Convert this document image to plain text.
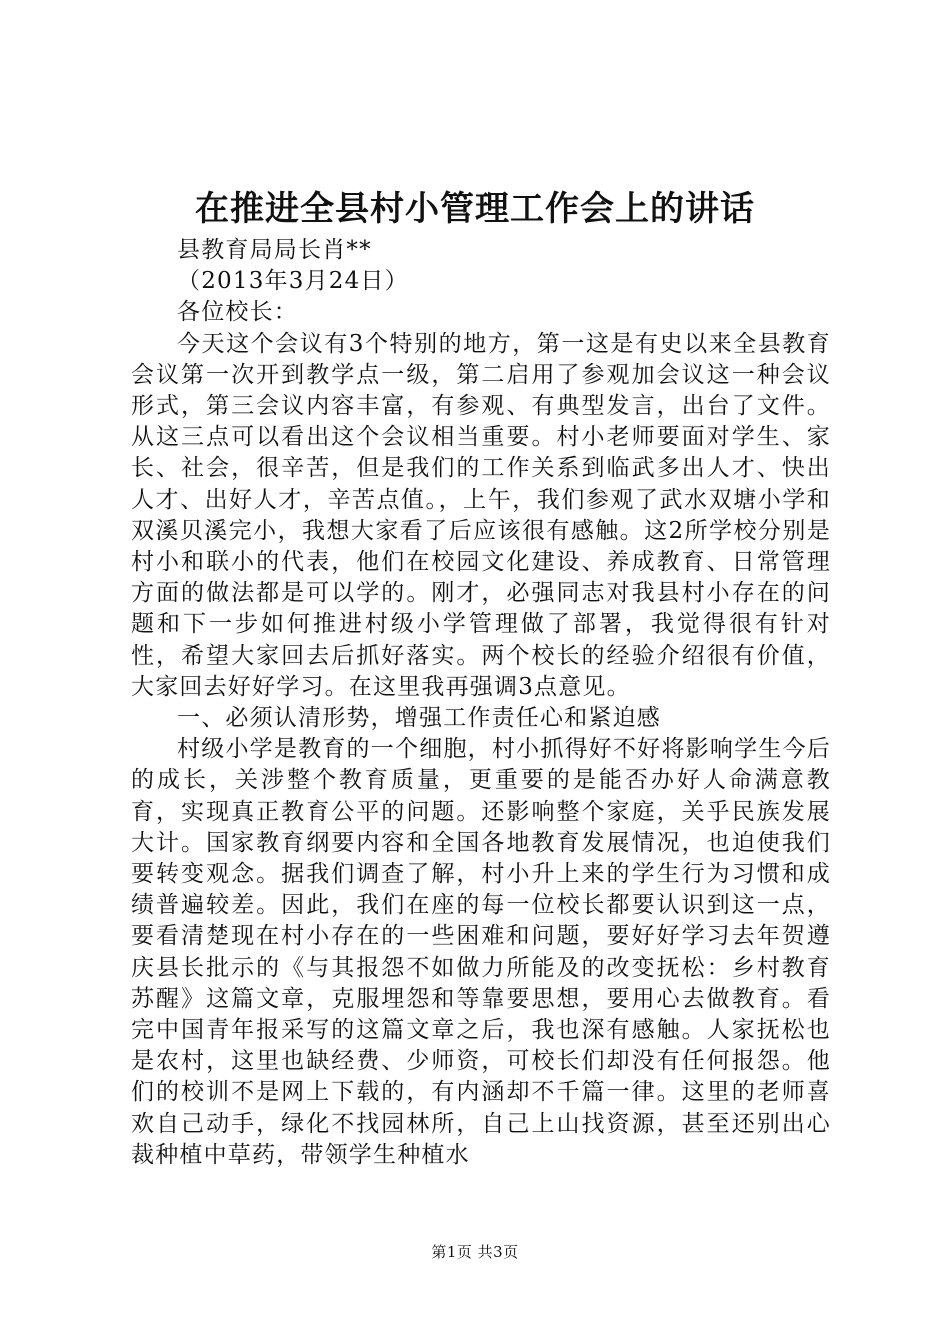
在推进全县村小管理工作会上的讲话

县教育局局长肖**

（2013年3月24日）

各位校长：

今天这个会议有3个特别的地方，第一这是有史以来全县教育会议第一次开到教学点一级，第二启用了参观加会议这一种会议形式，第三会议内容丰富，有参观、有典型发言，出台了文件。从这三点可以看出这个会议相当重要。村小老师要面对学生、家长、社会，很辛苦，但是我们的工作关系到临武多出人才、快出人才、出好人才，辛苦点值。，上午，我们参观了武水双塘小学和双溪贝溪完小，我想大家看了后应该很有感触。这2所学校分别是村小和联小的代表，他们在校园文化建设、养成教育、日常管理方面的做法都是可以学的。刚才，必强同志对我县村小存在的问题和下一步如何推进村级小学管理做了部署，我觉得很有针对性，希望大家回去后抓好落实。两个校长的经验介绍很有价值，大家回去好好学习。在这里我再强调3点意见。

一、必须认清形势，增强工作责任心和紧迫感

村级小学是教育的一个细胞，村小抓得好不好将影响学生今后的成长，关涉整个教育质量，更重要的是能否办好人命满意教育，实现真正教育公平的问题。还影响整个家庭，关乎民族发展大计。国家教育纲要内容和全国各地教育发展情况，也迫使我们要转变观念。据我们调查了解，村小升上来的学生行为习惯和成绩普遍较差。因此，我们在座的每一位校长都要认识到这一点，要看清楚现在村小存在的一些困难和问题，要好好学习去年贺遵庆县长批示的《与其报怨不如做力所能及的改变抚松：乡村教育苏醒》这篇文章，克服埋怨和等靠要思想，要用心去做教育。看完中国青年报采写的这篇文章之后，我也深有感触。人家抚松也是农村，这里也缺经费、少师资，可校长们却没有任何报怨。他们的校训不是网上下载的，有内涵却不千篇一律。这里的老师喜欢自己动手，绿化不找园林所，自己上山找资源，甚至还别出心裁种植中草药，带领学生种植水

第1页 共3页
